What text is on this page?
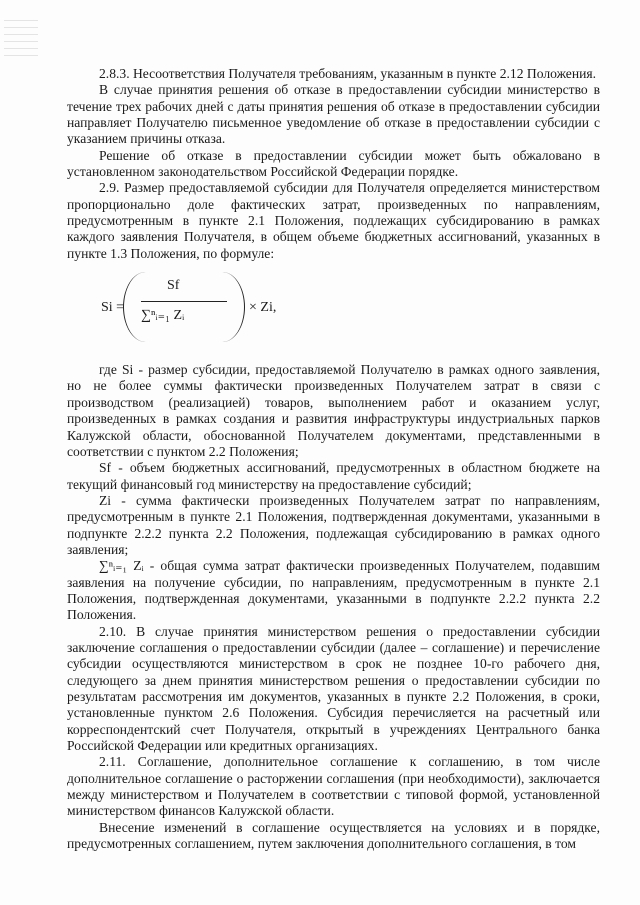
2.8.3. Несоответствия Получателя требованиям, указанным в пункте 2.12 Положения.

В случае принятия решения об отказе в предоставлении субсидии министерство в течение трех рабочих дней с даты принятия решения об отказе в предоставлении субсидии направляет Получателю письменное уведомление об отказе в предоставлении субсидии с указанием причины отказа.

Решение об отказе в предоставлении субсидии может быть обжаловано в установленном законодательством Российской Федерации порядке.

2.9. Размер предоставляемой субсидии для Получателя определяется министерством пропорционально доле фактических затрат, произведенных по направлениям, предусмотренным в пункте 2.1 Положения, подлежащих субсидированию в рамках каждого заявления Получателя, в общем объеме бюджетных ассигнований, указанных в пункте 1.3 Положения, по формуле:

Si =
Sf
∑ⁿᵢ₌₁ Zᵢ
× Zi,

где Si - размер субсидии, предоставляемой Получателю в рамках одного заявления, но не более суммы фактически произведенных Получателем затрат в связи с производством (реализацией) товаров, выполнением работ и оказанием услуг, произведенных в рамках создания и развития инфраструктуры индустриальных парков Калужской области, обоснованной Получателем документами, представленными в соответствии с пунктом 2.2 Положения;

Sf - объем бюджетных ассигнований, предусмотренных в областном бюджете на текущий финансовый год министерству на предоставление субсидий;

Zi - сумма фактически произведенных Получателем затрат по направлениям, предусмотренным в пункте 2.1 Положения, подтвержденная документами, указанными в подпункте 2.2.2 пункта 2.2 Положения, подлежащая субсидированию в рамках одного заявления;

∑ⁿᵢ₌₁ Zᵢ - общая сумма затрат фактически произведенных Получателем, подавшим заявления на получение субсидии, по направлениям, предусмотренным в пункте 2.1 Положения, подтвержденная документами, указанными в подпункте 2.2.2 пункта 2.2 Положения.

2.10. В случае принятия министерством решения о предоставлении субсидии заключение соглашения о предоставлении субсидии (далее – соглашение) и перечисление субсидии осуществляются министерством в срок не позднее 10-го рабочего дня, следующего за днем принятия министерством решения о предоставлении субсидии по результатам рассмотрения им документов, указанных в пункте 2.2 Положения, в сроки, установленные пунктом 2.6 Положения. Субсидия перечисляется на расчетный или корреспондентский счет Получателя, открытый в учреждениях Центрального банка Российской Федерации или кредитных организациях.

2.11. Соглашение, дополнительное соглашение к соглашению, в том числе дополнительное соглашение о расторжении соглашения (при необходимости), заключается между министерством и Получателем в соответствии с типовой формой, установленной министерством финансов Калужской области.

Внесение изменений в соглашение осуществляется на условиях и в порядке, предусмотренных соглашением, путем заключения дополнительного соглашения, в том
